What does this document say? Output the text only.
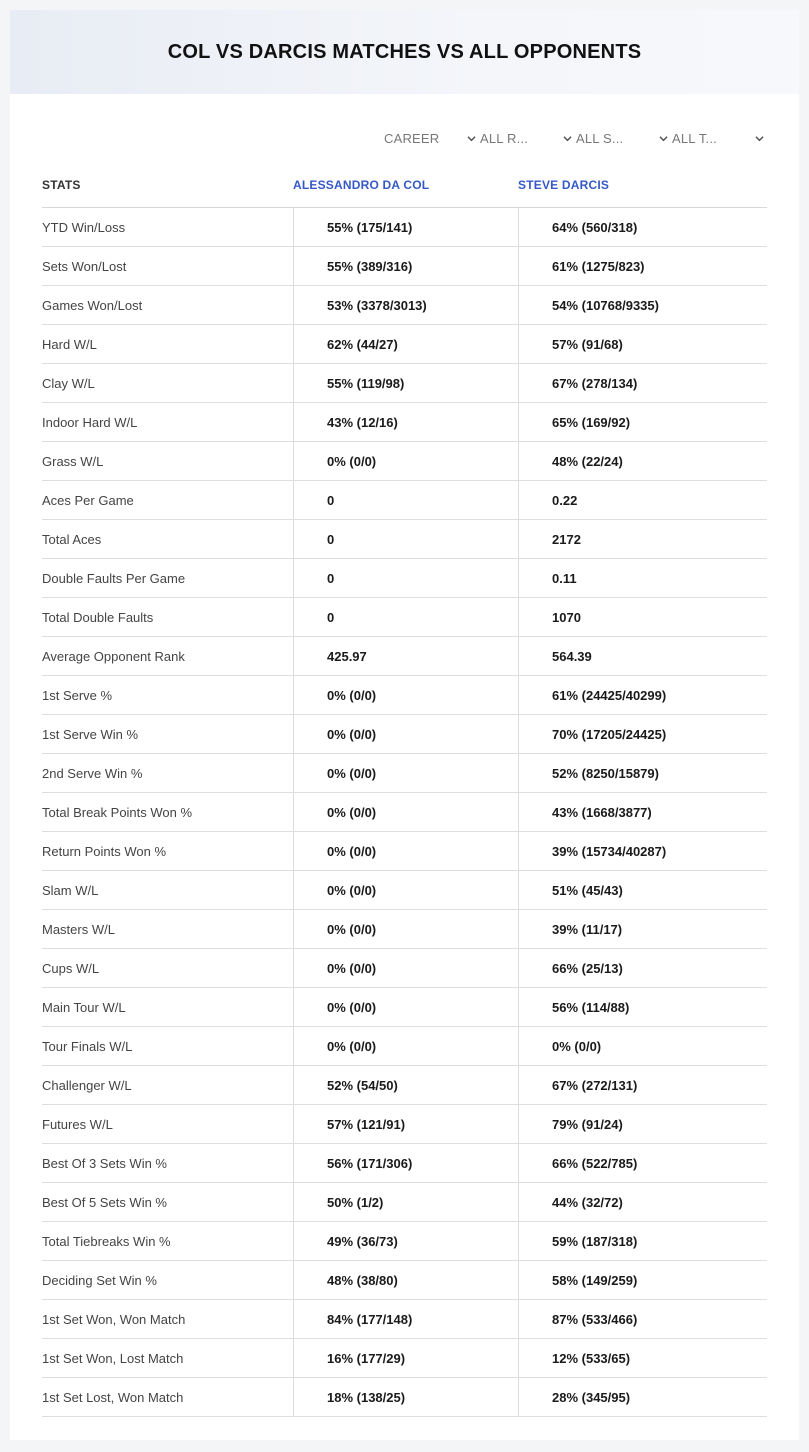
COL VS DARCIS MATCHES VS ALL OPPONENTS
CAREER	ALL R...	ALL S...	ALL T...
STATS	ALESSANDRO DA COL	STEVE DARCIS
YTD Win/Loss	55% (175/141)	64% (560/318)
Sets Won/Lost	55% (389/316)	61% (1275/823)
Games Won/Lost	53% (3378/3013)	54% (10768/9335)
Hard W/L	62% (44/27)	57% (91/68)
Clay W/L	55% (119/98)	67% (278/134)
Indoor Hard W/L	43% (12/16)	65% (169/92)
Grass W/L	0% (0/0)	48% (22/24)
Aces Per Game	0	0.22
Total Aces	0	2172
Double Faults Per Game	0	0.11
Total Double Faults	0	1070
Average Opponent Rank	425.97	564.39
1st Serve %	0% (0/0)	61% (24425/40299)
1st Serve Win %	0% (0/0)	70% (17205/24425)
2nd Serve Win %	0% (0/0)	52% (8250/15879)
Total Break Points Won %	0% (0/0)	43% (1668/3877)
Return Points Won %	0% (0/0)	39% (15734/40287)
Slam W/L	0% (0/0)	51% (45/43)
Masters W/L	0% (0/0)	39% (11/17)
Cups W/L	0% (0/0)	66% (25/13)
Main Tour W/L	0% (0/0)	56% (114/88)
Tour Finals W/L	0% (0/0)	0% (0/0)
Challenger W/L	52% (54/50)	67% (272/131)
Futures W/L	57% (121/91)	79% (91/24)
Best Of 3 Sets Win %	56% (171/306)	66% (522/785)
Best Of 5 Sets Win %	50% (1/2)	44% (32/72)
Total Tiebreaks Win %	49% (36/73)	59% (187/318)
Deciding Set Win %	48% (38/80)	58% (149/259)
1st Set Won, Won Match	84% (177/148)	87% (533/466)
1st Set Won, Lost Match	16% (177/29)	12% (533/65)
1st Set Lost, Won Match	18% (138/25)	28% (345/95)
